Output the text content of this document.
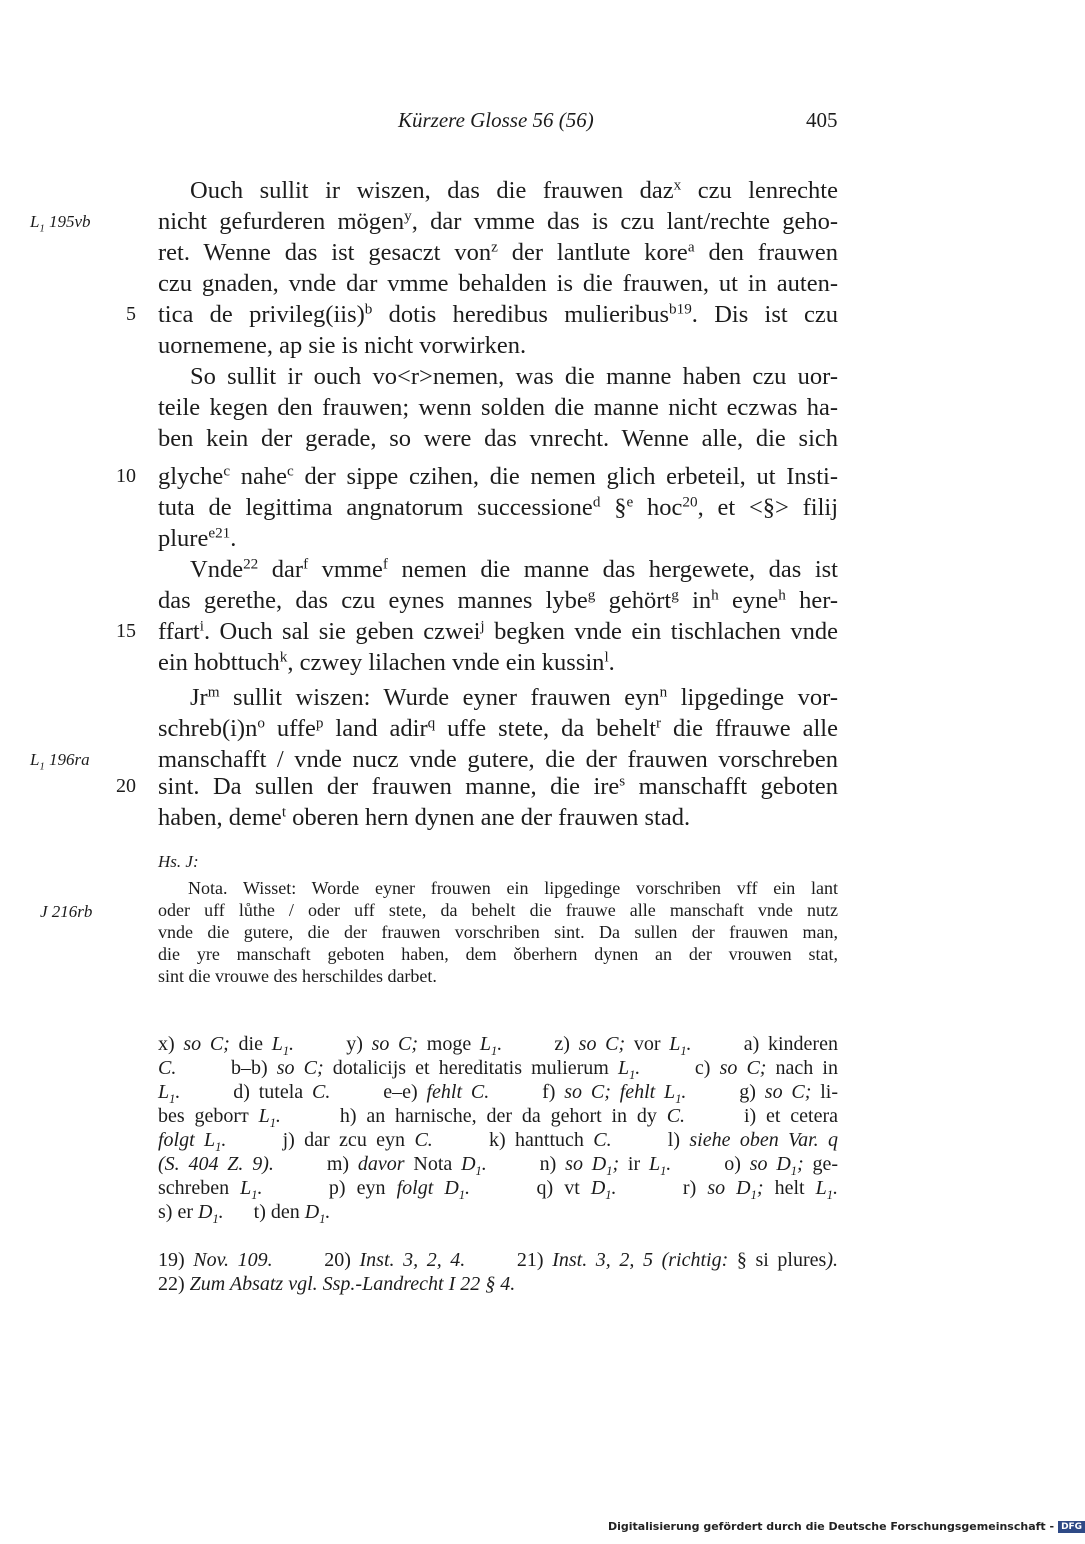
Kürzere Glosse 56 (56)	405
$L_1$ 195vb
$L_1$ 196ra
5
10
15
20
Ouch sullit ir wiszen, das die frauwen daz$^x$ czu lenrechte
nicht gefurderen mögen$^y$, dar vmme das is czu lant/rechte geho-
ret. Wenne das ist gesaczt von$^z$ der lantlute kore$^a$ den frauwen
czu gnaden, vnde dar vmme behalden is die frauwen, ut in auten-
tica de privileg(iis)$^b$ dotis heredibus mulieribus$^{b19}$. Dis ist czu
uornemene, ap sie is nicht vorwirken.
So sullit ir ouch vo<r>nemen, was die manne haben czu uor-
teile kegen den frauwen; wenn solden die manne nicht eczwas ha-
ben kein der gerade, so were das vnrecht. Wenne alle, die sich
glyche$^c$ nahe$^c$ der sippe czihen, die nemen glich erbeteil, ut Insti-
tuta de legittima angnatorum successione$^d$ §$^e$ hoc$^{20}$, et <§> filij
plure$^{e21}$.
Vnde$^{22}$ dar$^f$ vmme$^f$ nemen die manne das hergewete, das ist
das gerethe, das czu eynes mannes lybe$^g$ gehört$^g$ $in^h$ eyne$^h$ her-
ffart$^i$. Ouch sal sie geben czwei$^j$ begken vnde ein tischlachen vnde
ein hobttuch$^k$, czwey lilachen vnde ein kussin$^l$.
Jr$^m$ sullit wiszen: Wurde eyner frauwen eyn$^n$ lipgedinge vor-
$schreb(i)n^o$ uffe$^p$ land adir$^q$ uffe stete, da behelt$^r$ die ffrauwe alle
manschafft / vnde nucz vnde gutere, die der frauwen vorschreben
sint. Da sullen der frauwen manne, die ire$^s$ manschafft geboten
haben, deme$^t$ oberen hern dynen ane der frauwen stad.
Hs. J:
J 216rb
Nota. Wisset: Worde eyner frouwen ein lipgedinge vorschriben vff ein lant
oder uff lůthe / oder uff stete, da behelt die frauwe alle manschaft vnde nutz
vnde die gutere, die der frauwen vorschriben sint. Da sullen der frauwen man,
die yre manschaft geboten haben, dem ǒberhern dynen an der vrouwen stat,
sint die vrouwe des herschildes darbet.
x) so C; die $L_1$.      y) so C; moge $L_1$.      z) so C; vor $L_1$.      a) kinderen
C.      b–b) so C; dotalicijs et hereditatis mulierum $L_1$.      c) so C; nach in
$L_1$.      d) tutela C.      e–e) fehlt C.      f) so C; fehlt $L_1$.      g) so C; li-
bes geborт $L_1$.      h) an harnische, der da gehort in dy C.      i) et cetera
folgt $L_1$.      j) dar zcu eyn C.      k) hanttuch C.      l) siehe oben Var. q
(S. 404 Z. 9).      m) davor Nota $D_1$.      n) so $D_1$; ir $L_1$.      o) so $D_1$; ge-
schreben $L_1$.      p) eyn folgt $D_1$.      q) vt $D_1$.      r) so $D_1$; helt $L_1$.
s) er $D_1$.      t) den $D_1$.
19) Nov. 109.      20) Inst. 3, 2, 4.      21) Inst. 3, 2, 5 (richtig: § si plures).
22) Zum Absatz vgl. Ssp.-Landrecht I 22 § 4.
Digitalisierung gefördert durch die Deutsche Forschungsgemeinschaft - DFG
